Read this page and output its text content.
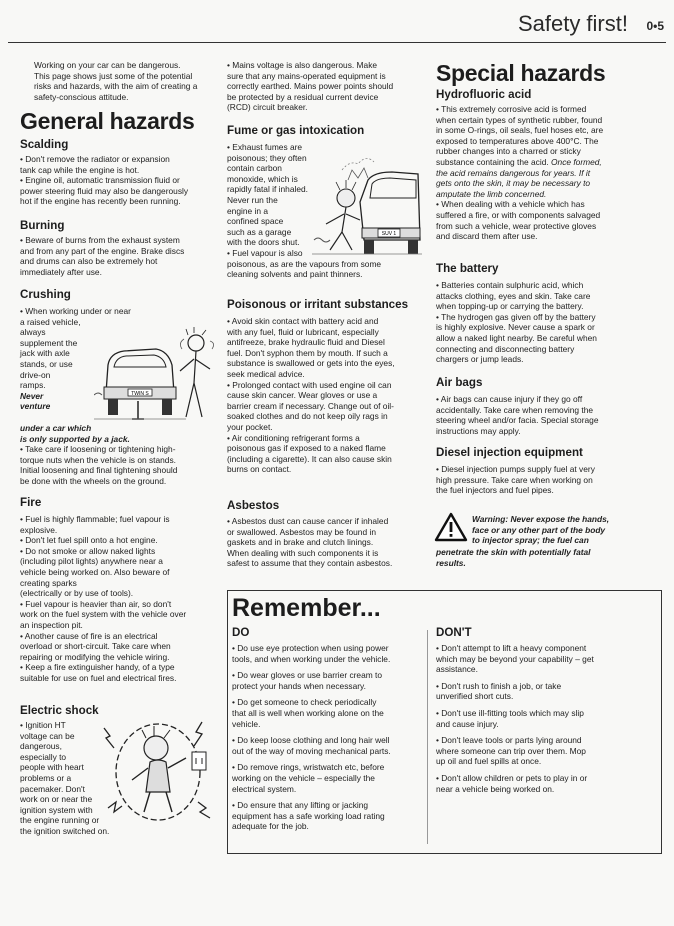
Safety first! 0•5
Working on your car can be dangerous.
This page shows just some of the potential
risks and hazards, with the aim of creating a
safety-conscious attitude.
General hazards
Scalding
• Don't remove the radiator or expansion
tank cap while the engine is hot.
• Engine oil, automatic transmission fluid or
power steering fluid may also be dangerously
hot if the engine has recently been running.
Burning
• Beware of burns from the exhaust system
and from any part of the engine. Brake discs
and drums can also be extremely hot
immediately after use.
Crushing
• When working under or near
a raised vehicle,
always
supplement the
jack with axle
stands, or use
drive-on
ramps.
Never
venture
under a car which
is only supported by a jack.
• Take care if loosening or tightening high-
torque nuts when the vehicle is on stands.
Initial loosening and final tightening should
be done with the wheels on the ground.
TWIN S
Fire
• Fuel is highly flammable; fuel vapour is
explosive.
• Don't let fuel spill onto a hot engine.
• Do not smoke or allow naked lights
(including pilot lights) anywhere near a
vehicle being worked on. Also beware of
creating sparks
(electrically or by use of tools).
• Fuel vapour is heavier than air, so don't
work on the fuel system with the vehicle over
an inspection pit.
• Another cause of fire is an electrical
overload or short-circuit. Take care when
repairing or modifying the vehicle wiring.
• Keep a fire extinguisher handy, of a type
suitable for use on fuel and electrical fires.
Electric shock
• Ignition HT
voltage can be
dangerous,
especially to
people with heart
problems or a
pacemaker. Don't
work on or near the
ignition system with
the engine running or
the ignition switched on.
• Mains voltage is also dangerous. Make
sure that any mains-operated equipment is
correctly earthed. Mains power points should
be protected by a residual current device
(RCD) circuit breaker.
Fume or gas intoxication
• Exhaust fumes are
poisonous; they often
contain carbon
monoxide, which is
rapidly fatal if inhaled.
Never run the
engine in a
confined space
such as a garage
with the doors shut.
• Fuel vapour is also
poisonous, as are the vapours from some
cleaning solvents and paint thinners.
SUV 1
Poisonous or irritant substances
• Avoid skin contact with battery acid and
with any fuel, fluid or lubricant, especially
antifreeze, brake hydraulic fluid and Diesel
fuel. Don't syphon them by mouth. If such a
substance is swallowed or gets into the eyes,
seek medical advice.
• Prolonged contact with used engine oil can
cause skin cancer. Wear gloves or use a
barrier cream if necessary. Change out of oil-
soaked clothes and do not keep oily rags in
your pocket.
• Air conditioning refrigerant forms a
poisonous gas if exposed to a naked flame
(including a cigarette). It can also cause skin
burns on contact.
Asbestos
• Asbestos dust can cause cancer if inhaled
or swallowed. Asbestos may be found in
gaskets and in brake and clutch linings.
When dealing with such components it is
safest to assume that they contain asbestos.
Special hazards
Hydrofluoric acid
• This extremely corrosive acid is formed
when certain types of synthetic rubber, found
in some O-rings, oil seals, fuel hoses etc, are
exposed to temperatures above 400°C. The
rubber changes into a charred or sticky
substance containing the acid. Once formed,
the acid remains dangerous for years. If it
gets onto the skin, it may be necessary to
amputate the limb concerned.
• When dealing with a vehicle which has
suffered a fire, or with components salvaged
from such a vehicle, wear protective gloves
and discard them after use.
The battery
• Batteries contain sulphuric acid, which
attacks clothing, eyes and skin. Take care
when topping-up or carrying the battery.
• The hydrogen gas given off by the battery
is highly explosive. Never cause a spark or
allow a naked light nearby. Be careful when
connecting and disconnecting battery
chargers or jump leads.
Air bags
• Air bags can cause injury if they go off
accidentally. Take care when removing the
steering wheel and/or facia. Special storage
instructions may apply.
Diesel injection equipment
• Diesel injection pumps supply fuel at very
high pressure. Take care when working on
the fuel injectors and fuel pipes.
Warning: Never expose the hands,
face or any other part of the body
to injector spray; the fuel can
penetrate the skin with potentially fatal
results.
Remember...
DO
• Do use eye protection when using power
tools, and when working under the vehicle.
• Do wear gloves or use barrier cream to
protect your hands when necessary.
• Do get someone to check periodically
that all is well when working alone on the
vehicle.
• Do keep loose clothing and long hair well
out of the way of moving mechanical parts.
• Do remove rings, wristwatch etc, before
working on the vehicle – especially the
electrical system.
• Do ensure that any lifting or jacking
equipment has a safe working load rating
adequate for the job.
DON'T
• Don't attempt to lift a heavy component
which may be beyond your capability – get
assistance.
• Don't rush to finish a job, or take
unverified short cuts.
• Don't use ill-fitting tools which may slip
and cause injury.
• Don't leave tools or parts lying around
where someone can trip over them. Mop
up oil and fuel spills at once.
• Don't allow children or pets to play in or
near a vehicle being worked on.
